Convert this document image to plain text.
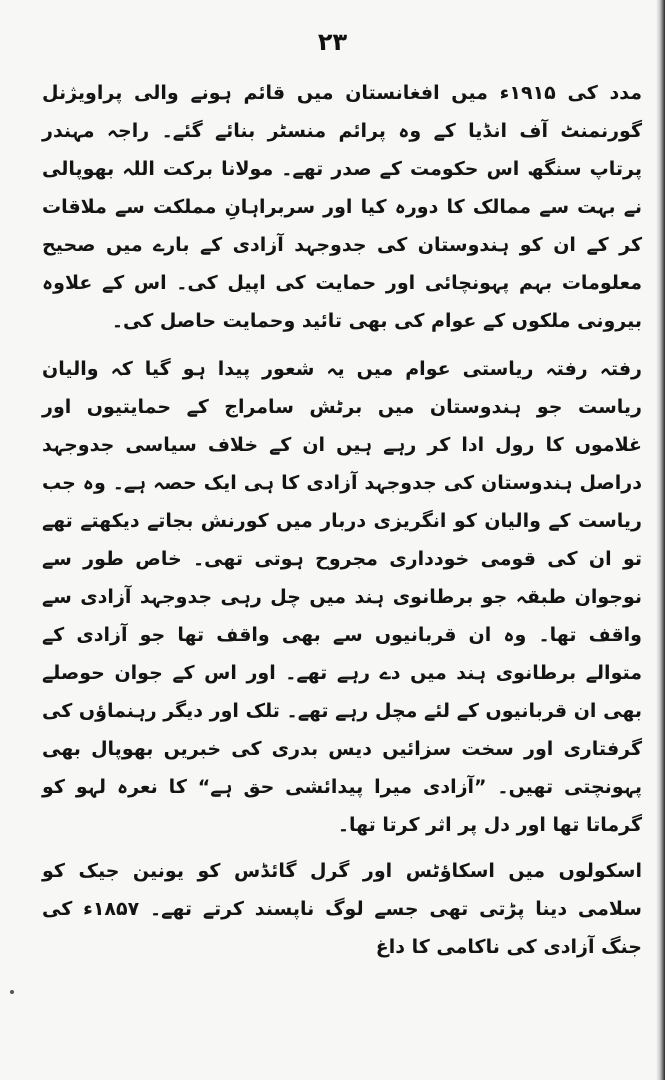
۲۳

مدد کی ۱۹۱۵ء میں افغانستان میں قائم ہونے والی پراویژنل گورنمنٹ آف انڈیا کے وہ پرائم منسٹر بنائے گئے۔ راجہ مہندر پرتاپ سنگھ اس حکومت کے صدر تھے۔ مولانا برکت اللہ بھوپالی نے بہت سے ممالک کا دورہ کیا اور سربراہانِ مملکت سے ملاقات کر کے ان کو ہندوستان کی جدوجہد آزادی کے بارے میں صحیح معلومات بہم پہونچائی اور حمایت کی اپیل کی۔ اس کے علاوہ بیرونی ملکوں کے عوام کی بھی تائید وحمایت حاصل کی۔

رفتہ رفتہ ریاستی عوام میں یہ شعور پیدا ہو گیا کہ والیان ریاست جو ہندوستان میں برٹش سامراج کے حمایتیوں اور غلاموں کا رول ادا کر رہے ہیں ان کے خلاف سیاسی جدوجہد دراصل ہندوستان کی جدوجہد آزادی کا ہی ایک حصہ ہے۔ وہ جب ریاست کے والیان کو انگریزی دربار میں کورنش بجاتے دیکھتے تھے تو ان کی قومی خودداری مجروح ہوتی تھی۔ خاص طور سے نوجوان طبقہ جو برطانوی ہند میں چل رہی جدوجہد آزادی سے واقف تھا۔ وہ ان قربانیوں سے بھی واقف تھا جو آزادی کے متوالے برطانوی ہند میں دے رہے تھے۔ اور اس کے جوان حوصلے بھی ان قربانیوں کے لئے مچل رہے تھے۔ تلک اور دیگر رہنماؤں کی گرفتاری اور سخت سزائیں دیس بدری کی خبریں بھوپال بھی پہونچتی تھیں۔ ”آزادی میرا پیدائشی حق ہے“ کا نعرہ لہو کو گرماتا تھا اور دل پر اثر کرتا تھا۔

اسکولوں میں اسکاؤٹس اور گرل گائڈس کو یونین جیک کو سلامی دینا پڑتی تھی جسے لوگ ناپسند کرتے تھے۔ ۱۸۵۷ء کی جنگ آزادی کی ناکامی کا داغ
